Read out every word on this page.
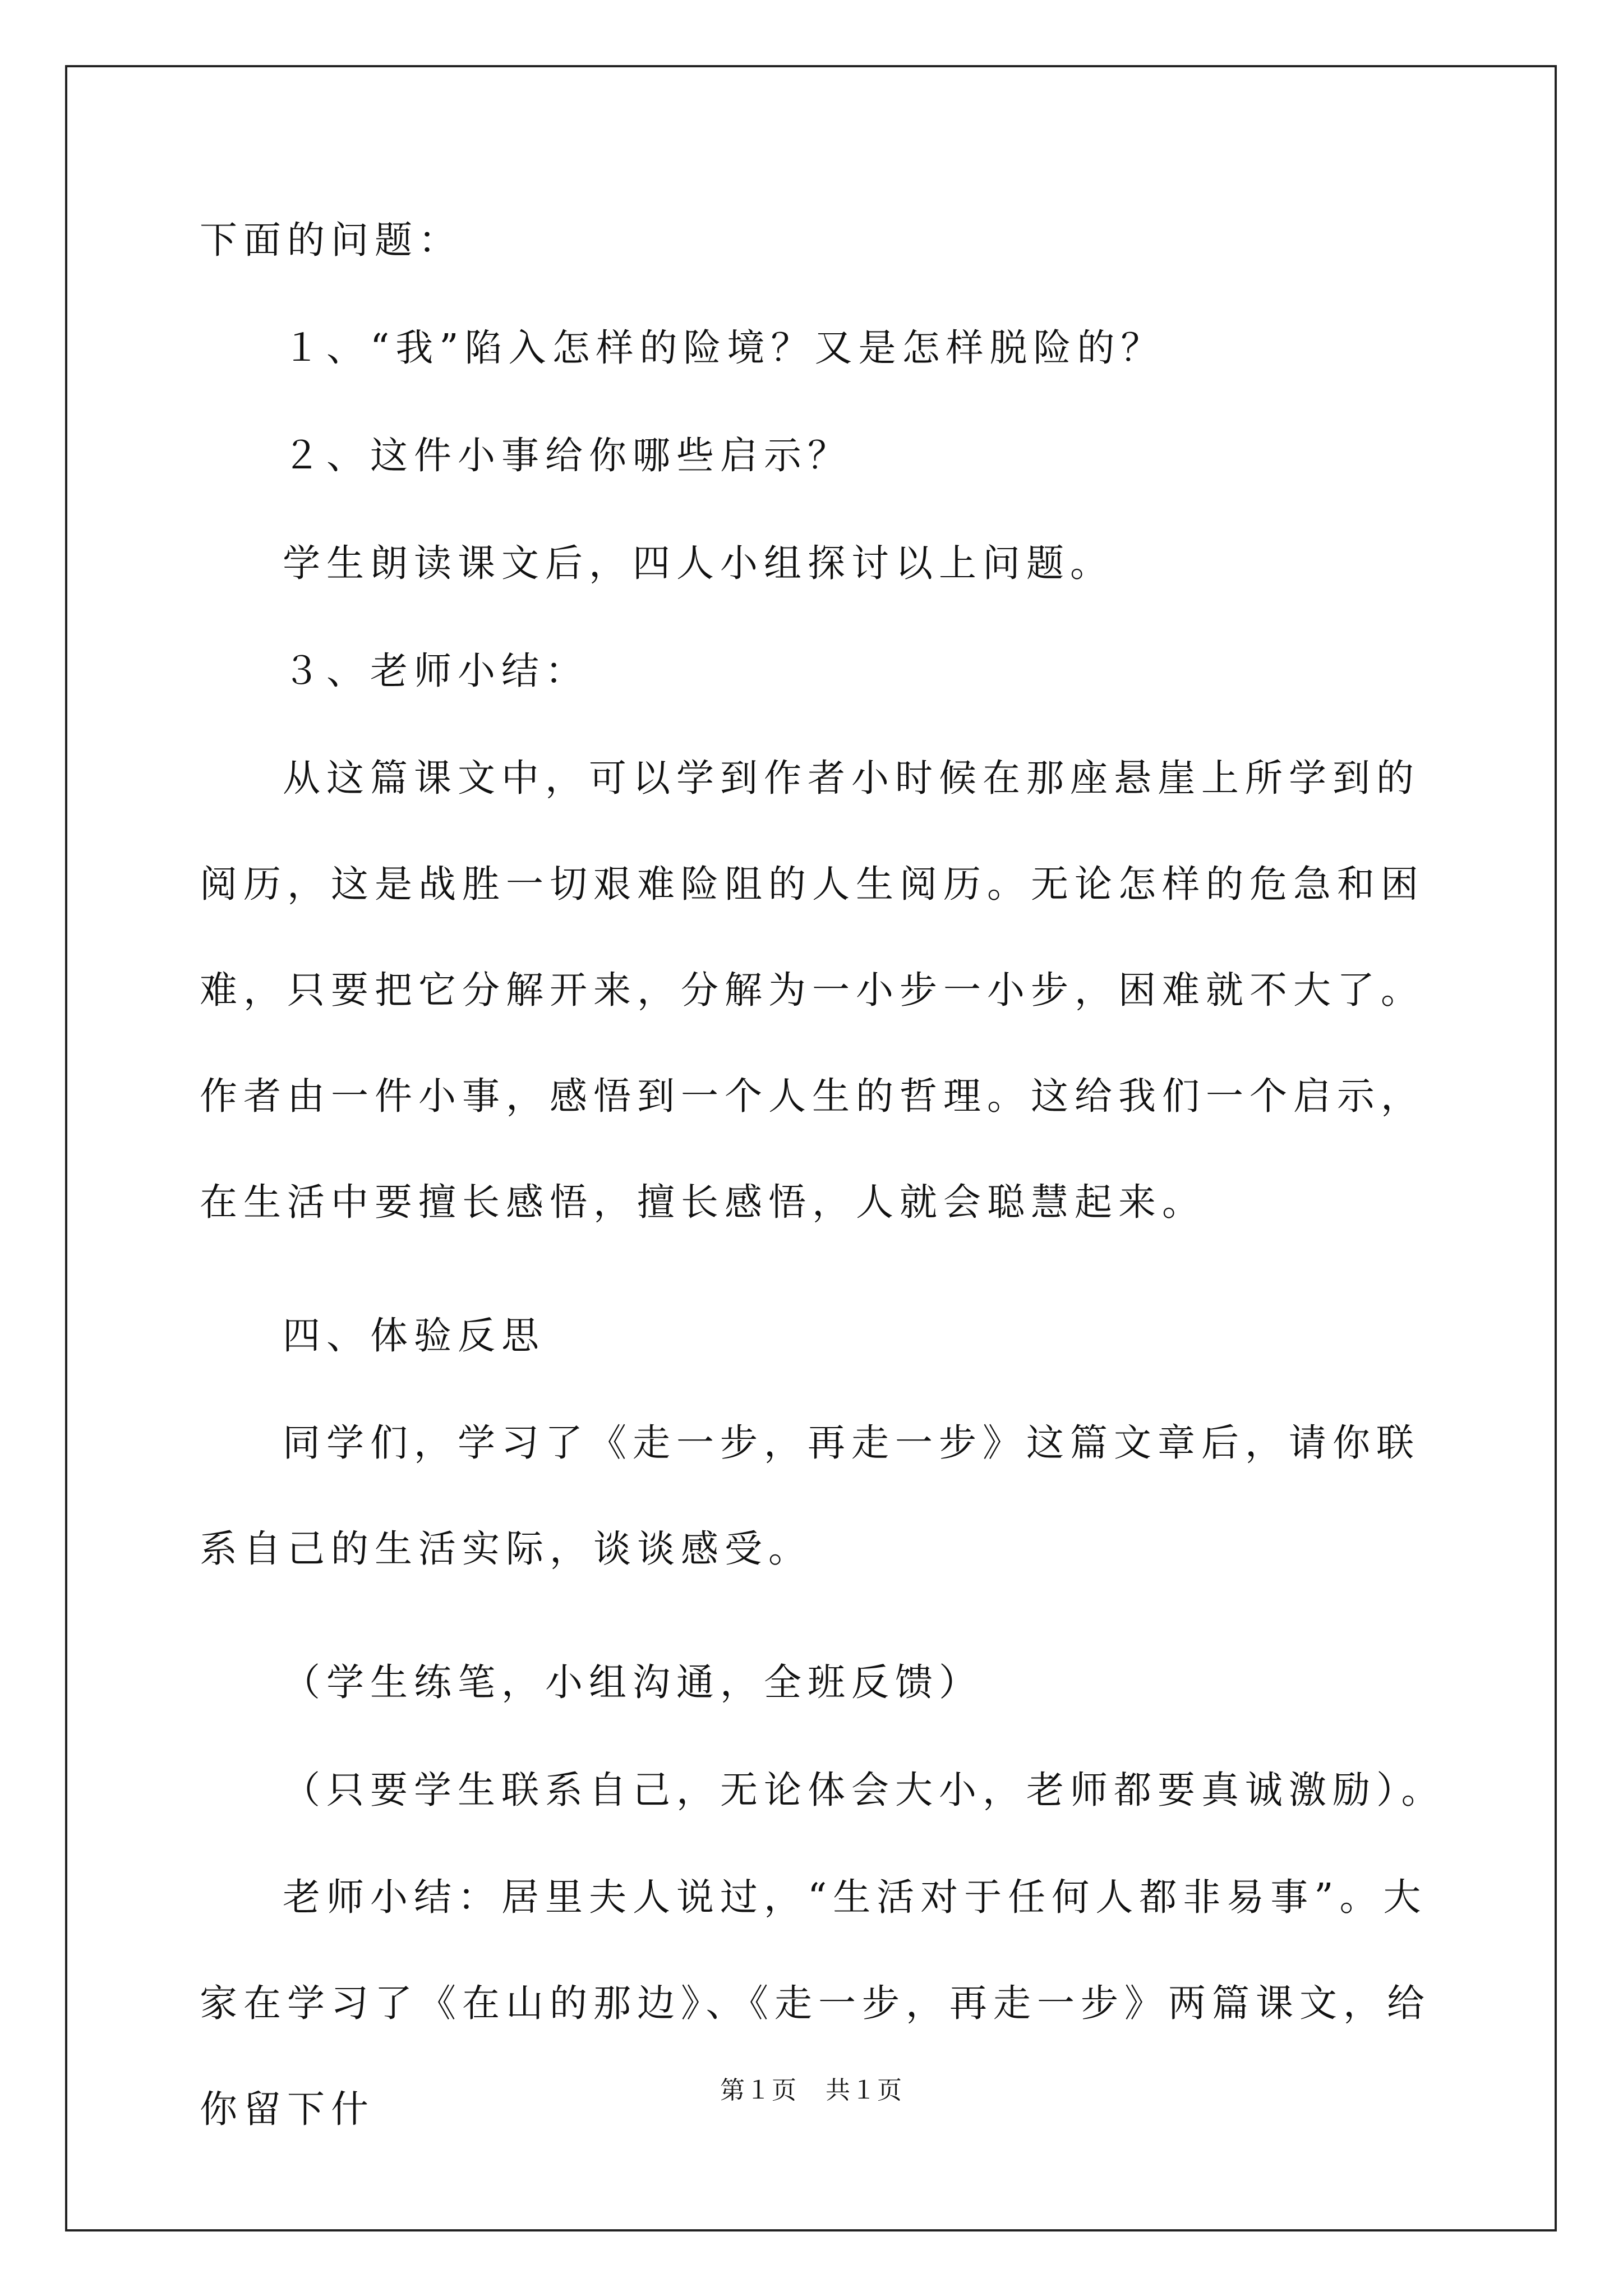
下面的问题：

１、“我”陷入怎样的险境？又是怎样脱险的？

２、这件小事给你哪些启示？

学生朗读课文后，四人小组探讨以上问题。

３、老师小结：

从这篇课文中，可以学到作者小时候在那座悬崖上所学到的阅历，这是战胜一切艰难险阻的人生阅历。无论怎样的危急和困难，只要把它分解开来，分解为一小步一小步，困难就不大了。作者由一件小事，感悟到一个人生的哲理。这给我们一个启示，在生活中要擅长感悟，擅长感悟，人就会聪慧起来。

四、体验反思

同学们，学习了《走一步，再走一步》这篇文章后，请你联系自己的生活实际，谈谈感受。

（学生练笔，小组沟通，全班反馈）

（只要学生联系自己，无论体会大小，老师都要真诚激励）。

老师小结：居里夫人说过，“生活对于任何人都非易事”。大家在学习了《在山的那边》、《走一步，再走一步》两篇课文，给你留下什	第１页 共１页
